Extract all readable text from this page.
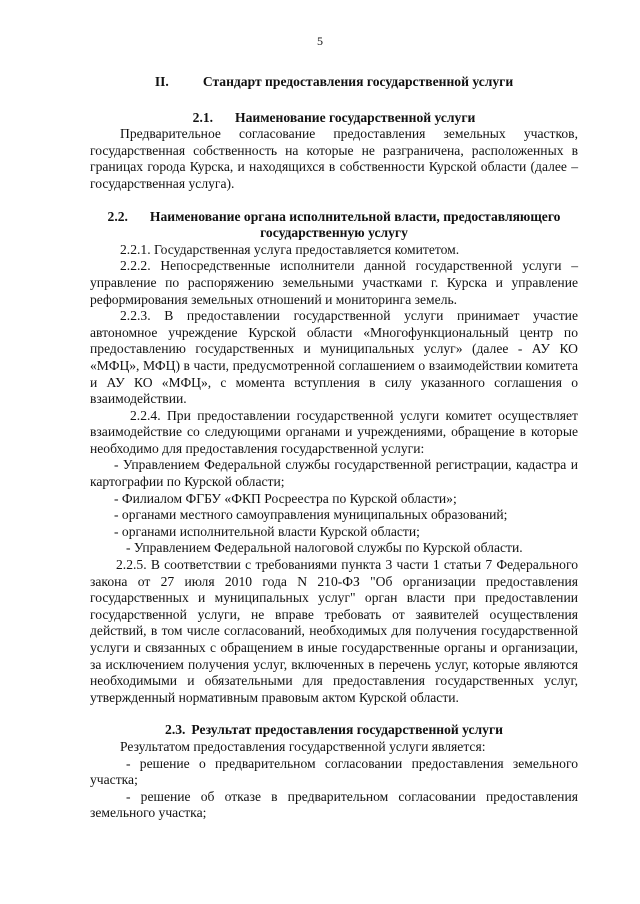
5
II.	Стандарт предоставления государственной услуги
2.1. Наименование государственной услуги

Предварительное согласование предоставления земельных участков, государственная собственность на которые не разграничена, расположенных в границах города Курска, и находящихся в собственности Курской области (далее – государственная услуга).

2.2. Наименование органа исполнительной власти, предоставляющего
государственную услугу

2.2.1. Государственная услуга предоставляется комитетом.

2.2.2. Непосредственные исполнители данной государственной услуги – управление по распоряжению земельными участками г. Курска и управление реформирования земельных отношений и мониторинга земель.

2.2.3. В предоставлении государственной услуги принимает участие автономное учреждение Курской области «Многофункциональный центр по предоставлению государственных и муниципальных услуг» (далее - АУ КО «МФЦ», МФЦ) в части, предусмотренной соглашением о взаимодействии комитета и АУ КО «МФЦ», с момента вступления в силу указанного соглашения о взаимодействии.

2.2.4. При предоставлении государственной услуги комитет осуществляет взаимодействие со следующими органами и учреждениями, обращение в которые необходимо для предоставления государственной услуги:

- Управлением Федеральной службы государственной регистрации, кадастра и картографии по Курской области;

- Филиалом ФГБУ «ФКП Росреестра по Курской области»;

- органами местного самоуправления муниципальных образований;

- органами исполнительной власти Курской области;

- Управлением Федеральной налоговой службы по Курской области.

2.2.5. В соответствии с требованиями пункта 3 части 1 статьи 7 Федерального закона от 27 июля 2010 года N 210-ФЗ "Об организации предоставления государственных и муниципальных услуг" орган власти при предоставлении государственной услуги, не вправе требовать от заявителей осуществления действий, в том числе согласований, необходимых для получения государственной услуги и связанных с обращением в иные государственные органы и организации, за исключением получения услуг, включенных в перечень услуг, которые являются необходимыми и обязательными для предоставления государственных услуг, утвержденный нормативным правовым актом Курской области.

2.3. Результат предоставления государственной услуги

Результатом предоставления государственной услуги является:

- решение о предварительном согласовании предоставления земельного участка;

- решение об отказе в предварительном согласовании предоставления земельного участка;
